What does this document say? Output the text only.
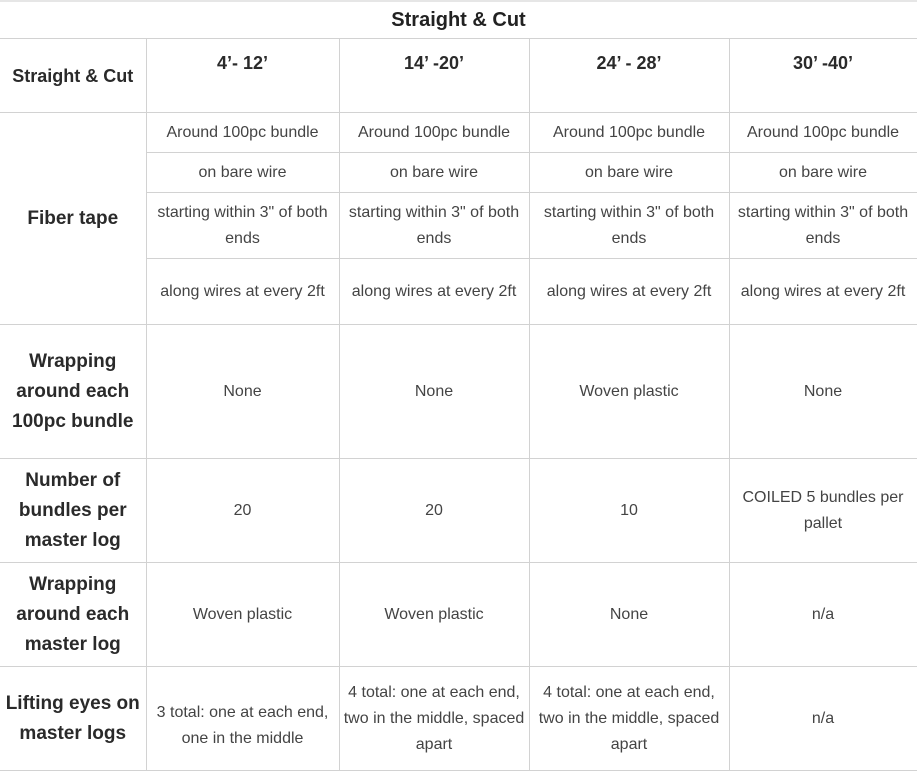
Straight & Cut
Straight & Cut	4’- 12’	14’ -20’	24’ - 28’	30’ -40’
Fiber tape	Around 100pc bundle	Around 100pc bundle	Around 100pc bundle	Around 100pc bundle
	on bare wire	on bare wire	on bare wire	on bare wire
	starting within 3" of both ends	starting within 3" of both ends	starting within 3" of both ends	starting within 3" of both ends
	along wires at every 2ft	along wires at every 2ft	along wires at every 2ft	along wires at every 2ft
Wrapping around each 100pc bundle	None	None	Woven plastic	None
Number of bundles per master log	20	20	10	COILED 5 bundles per pallet
Wrapping around each master log	Woven plastic	Woven plastic	None	n/a
Lifting eyes on master logs	3 total: one at each end, one in the middle	4 total: one at each end, two in the middle, spaced apart	4 total: one at each end, two in the middle, spaced apart	n/a
